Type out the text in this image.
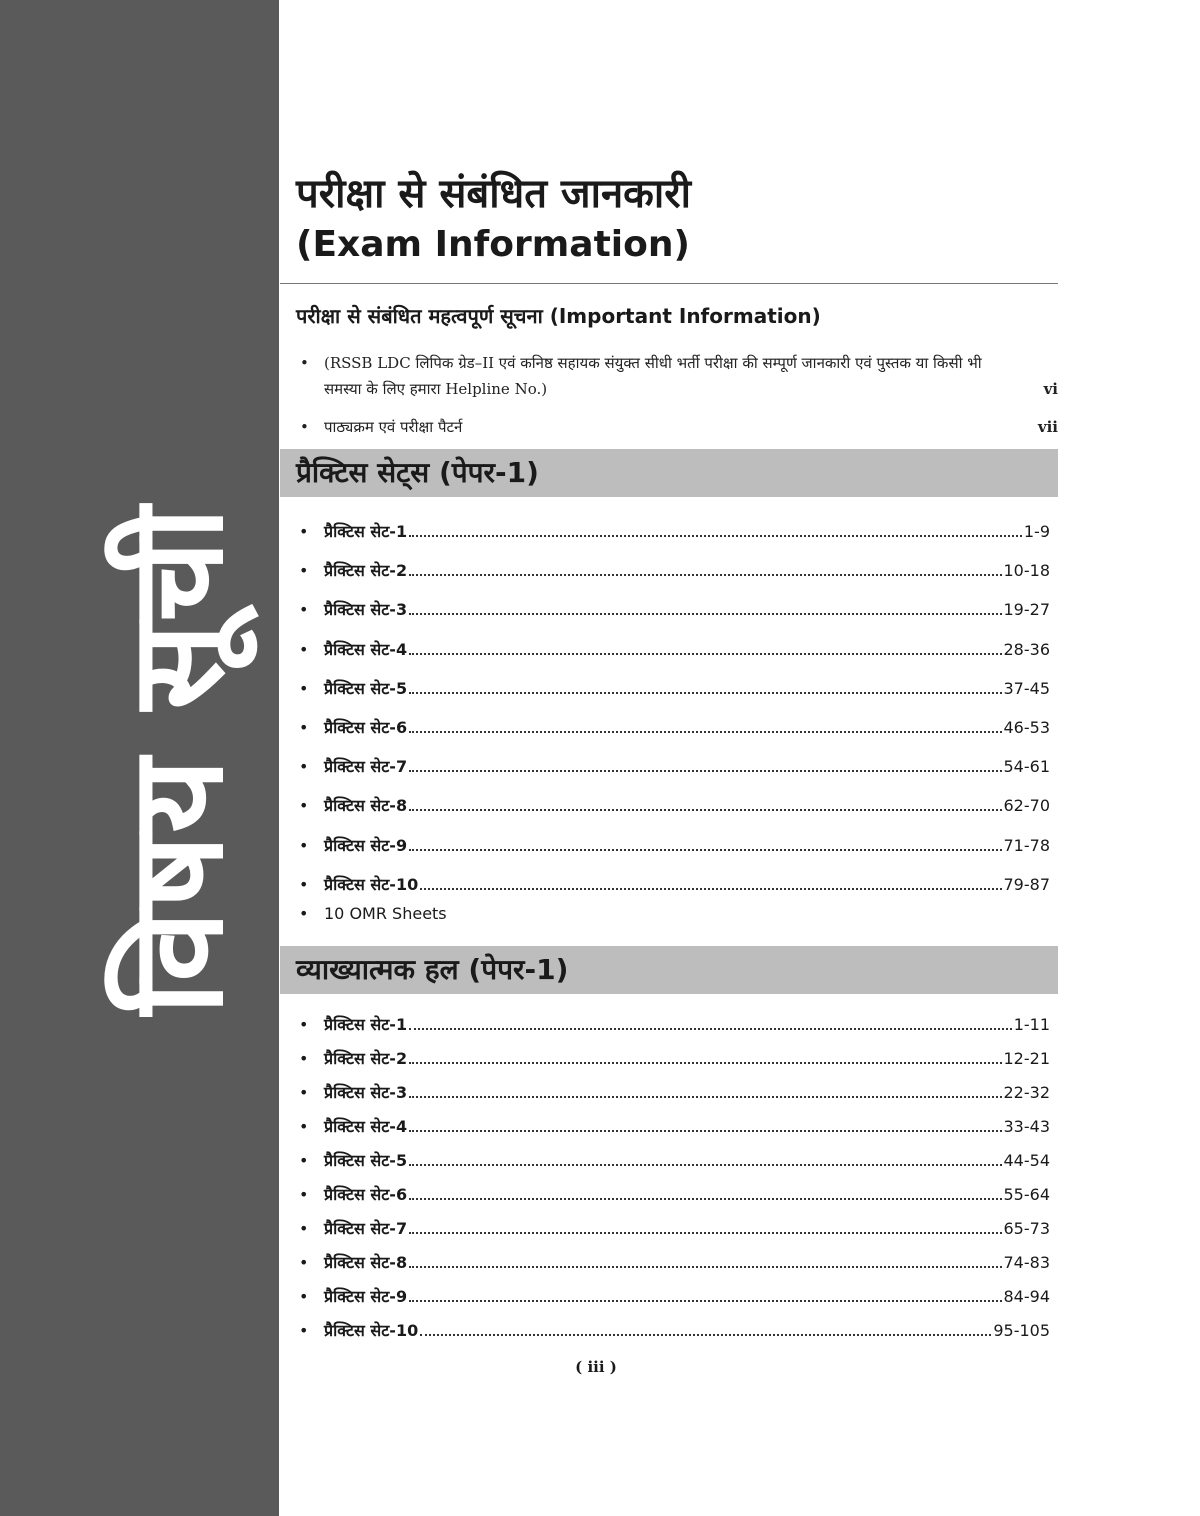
विषय सूची
परीक्षा से संबंधित जानकारी
(Exam Information)
परीक्षा से संबंधित महत्वपूर्ण सूचना (Important Information)
• (RSSB LDC लिपिक ग्रेड–II एवं कनिष्ठ सहायक संयुक्त सीधी भर्ती परीक्षा की सम्पूर्ण जानकारी एवं पुस्तक या किसी भी समस्या के लिए हमारा Helpline No.)	vi
• पाठ्यक्रम एवं परीक्षा पैटर्न	vii
प्रैक्टिस सेट्स (पेपर-1)
• प्रैक्टिस सेट-1	1-9
• प्रैक्टिस सेट-2	10-18
• प्रैक्टिस सेट-3	19-27
• प्रैक्टिस सेट-4	28-36
• प्रैक्टिस सेट-5	37-45
• प्रैक्टिस सेट-6	46-53
• प्रैक्टिस सेट-7	54-61
• प्रैक्टिस सेट-8	62-70
• प्रैक्टिस सेट-9	71-78
• प्रैक्टिस सेट-10	79-87
• 10 OMR Sheets
व्याख्यात्मक हल (पेपर-1)
• प्रैक्टिस सेट-1	1-11
• प्रैक्टिस सेट-2	12-21
• प्रैक्टिस सेट-3	22-32
• प्रैक्टिस सेट-4	33-43
• प्रैक्टिस सेट-5	44-54
• प्रैक्टिस सेट-6	55-64
• प्रैक्टिस सेट-7	65-73
• प्रैक्टिस सेट-8	74-83
• प्रैक्टिस सेट-9	84-94
• प्रैक्टिस सेट-10	95-105
( iii )
